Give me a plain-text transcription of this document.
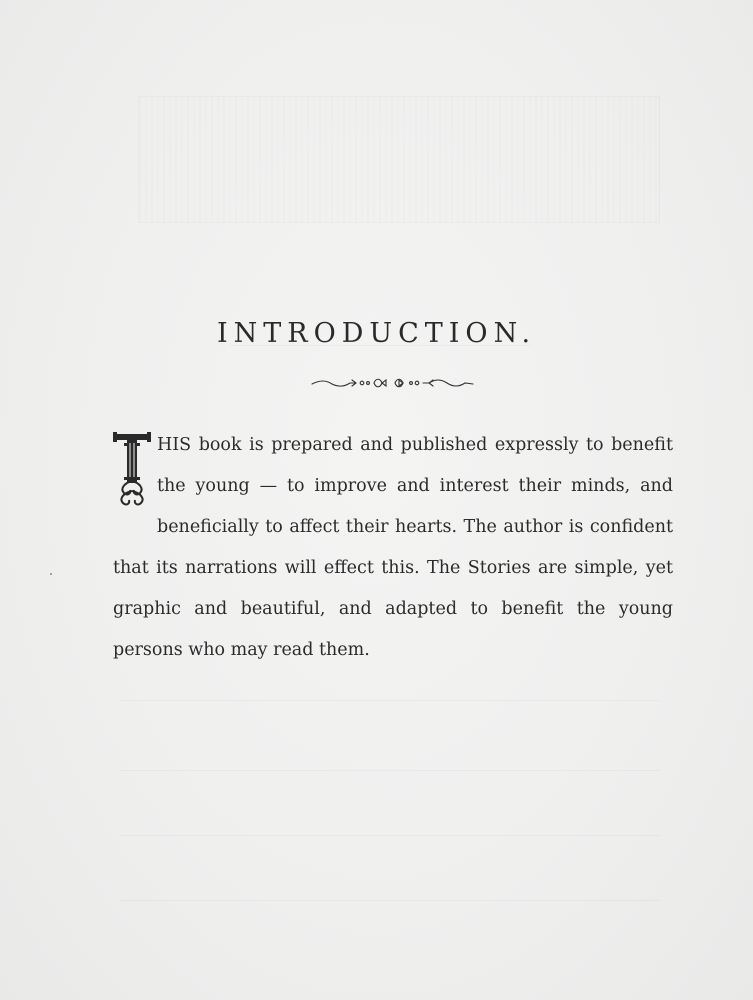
INTRODUCTION.

HIS book is prepared and published expressly to benefit the young — to improve and interest their minds, and beneficially to affect their hearts. The author is confident that its narrations will effect this. The Stories are simple, yet graphic and beautiful, and adapted to benefit the young persons who may read them.
